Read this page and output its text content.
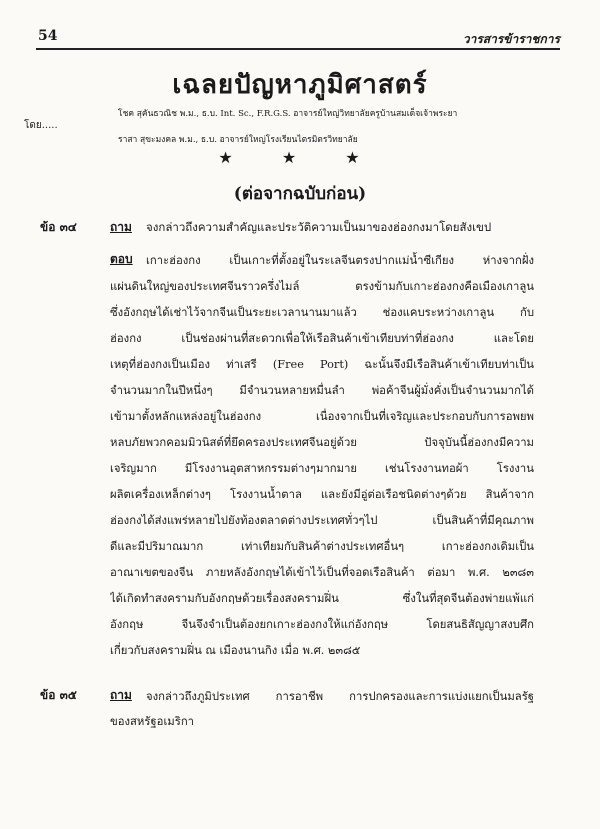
54	วารสารข้าราชการ
เฉลยปัญหาภูมิศาสตร์
โดย.....
โชค สุคันธวณิช พ.ม., ธ.บ. Int. Sc., F.R.G.S. อาจารย์ใหญ่วิทยาลัยครูบ้านสมเด็จเจ้าพระยา
ราสา สุขะมงคล พ.ม., ธ.บ. อาจารย์ใหญ่โรงเรียนไตรมิตรวิทยาลัย
★ ★ ★
(ต่อจากฉบับก่อน)
ข้อ ๓๔	ถาม จงกล่าวถึงความสำคัญและประวัติความเป็นมาของฮ่องกงมาโดยสังเขป
ตอบ เกาะฮ่องกง เป็นเกาะที่ตั้งอยู่ในระเลจีนตรงปากแม่น้ำซีเกียง ห่างจากฝั่ง
แผ่นดินใหญ่ของประเทศจีนราวครึ่งไมล์ ตรงข้ามกับเกาะฮ่องกงคือเมืองเกาลูน
ซึ่งอังกฤษได้เช่าไว้จากจีนเป็นระยะเวลานานมาแล้ว ช่องแคบระหว่างเกาลูน กับ
ฮ่องกง เป็นช่องผ่านที่สะดวกเพื่อให้เรือสินค้าเข้าเทียบท่าที่ฮ่องกง และโดย
เหตุที่ฮ่องกงเป็นเมือง ท่าเสรี (Free Port) ฉะนั้นจึงมีเรือสินค้าเข้าเทียบท่าเป็น
จำนวนมากในปีหนึ่งๆ มีจำนวนหลายหมื่นลำ พ่อค้าจีนผู้มั่งคั่งเป็นจำนวนมากได้
เข้ามาตั้งหลักแหล่งอยู่ในฮ่องกง เนื่องจากเป็นที่เจริญและประกอบกับการอพยพ
หลบภัยพวกคอมมิวนิสต์ที่ยึดครองประเทศจีนอยู่ด้วย ปัจจุบันนี้ฮ่องกงมีความ
เจริญมาก มีโรงงานอุตสาหกรรมต่างๆมากมาย เช่นโรงงานทอผ้า โรงงาน
ผลิตเครื่องเหล็กต่างๆ โรงงานน้ำตาล และยังมีอู่ต่อเรือชนิดต่างๆด้วย สินค้าจาก
ฮ่องกงได้ส่งแพร่หลายไปยังท้องตลาดต่างประเทศทั่วๆไป เป็นสินค้าที่มีคุณภาพ
ดีและมีปริมาณมาก เท่าเทียมกับสินค้าต่างประเทศอื่นๆ เกาะฮ่องกงเดิมเป็น
อาณาเขตของจีน ภายหลังอังกฤษได้เข้าไว้เป็นที่จอดเรือสินค้า ต่อมา พ.ศ. ๒๓๘๓
ได้เกิดทำสงครามกับอังกฤษด้วยเรื่องสงครามฝิ่น ซึ่งในที่สุดจีนต้องพ่ายแพ้แก่
อังกฤษ จีนจึงจำเป็นต้องยกเกาะฮ่องกงให้แก่อังกฤษ โดยสนธิสัญญาสงบศึก
เกี่ยวกับสงครามฝิ่น ณ เมืองนานกิง เมื่อ พ.ศ. ๒๓๘๕
ข้อ ๓๕	ถาม จงกล่าวถึงภูมิประเทศ การอาชีพ การปกครองและการแบ่งแยกเป็นมลรัฐ
ของสหรัฐอเมริกา
